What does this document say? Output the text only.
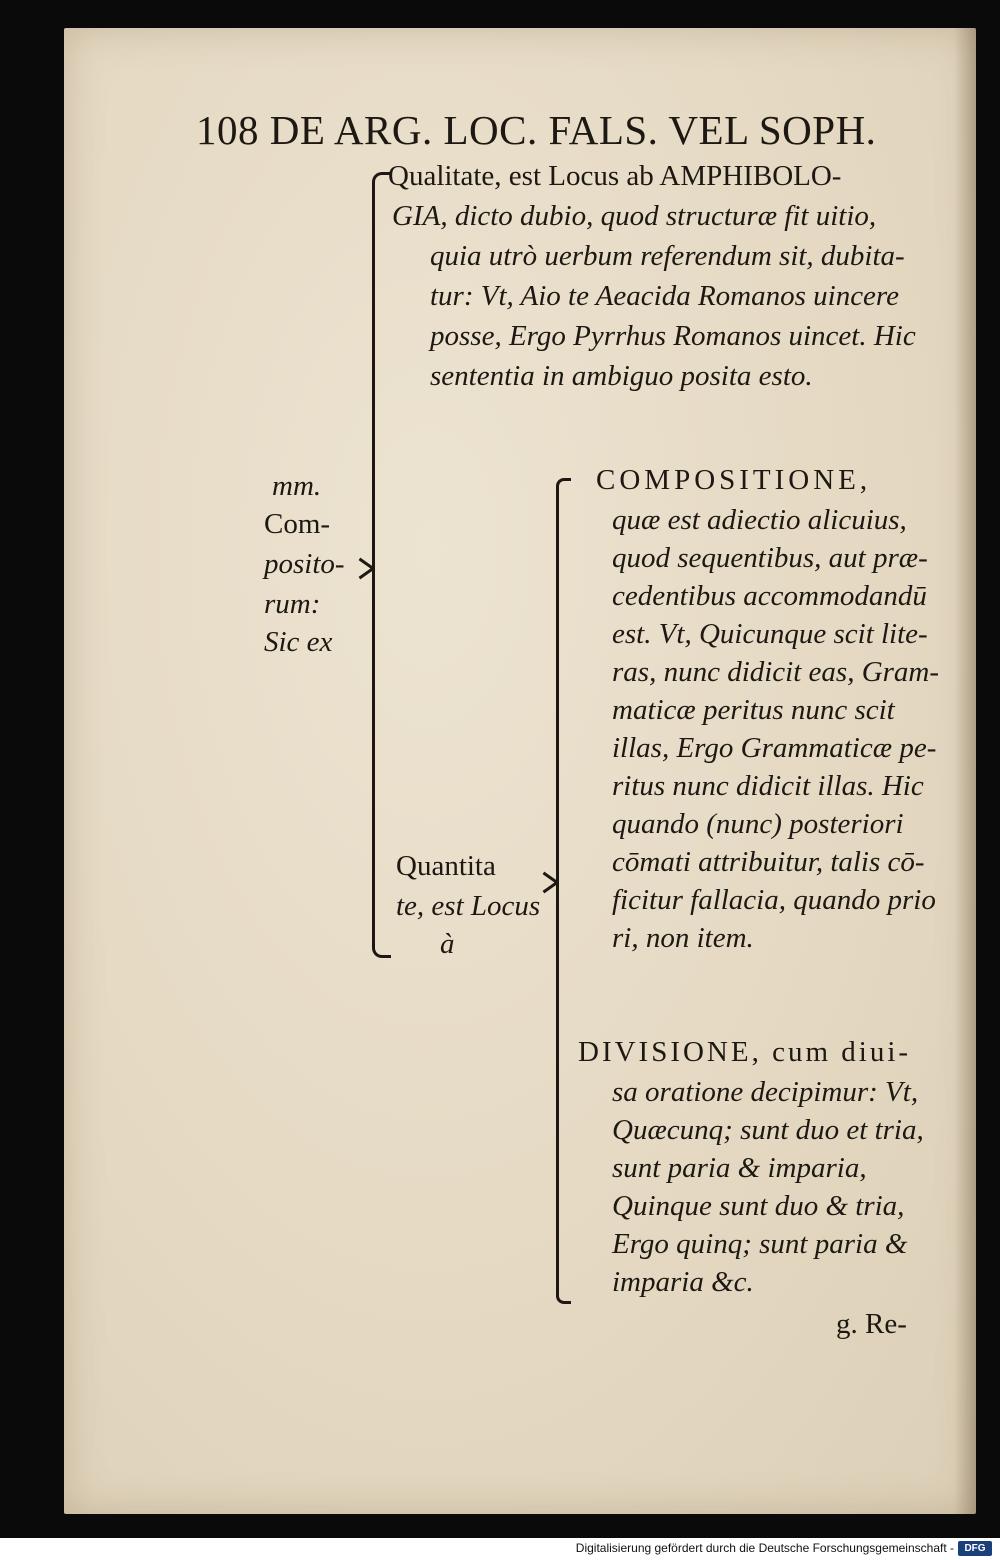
108 DE ARG. LOC. FALS. VEL SOPH.
Qualitate, est Locus ab AMPHIBOLO-
GIA, dicto dubio, quod structuræ fit uitio,
quia utrò uerbum referendum sit, dubita-
tur: Vt, Aio te Aeacida Romanos uincere
posse, Ergo Pyrrhus Romanos uincet. Hic
sententia in ambiguo posita esto.
mm.
Com-
posito-
rum:
Sic ex
Quantita
te, est Locus
à
COMPOSITIONE,
quæ est adiectio alicuius,
quod sequentibus, aut præ-
cedentibus accommodandū
est. Vt, Quicunque scit lite-
ras, nunc didicit eas, Gram-
maticæ peritus nunc scit
illas, Ergo Grammaticæ pe-
ritus nunc didicit illas. Hic
quando (nunc) posteriori
cōmati attribuitur, talis cō-
ficitur fallacia, quando prio
ri, non item.
DIVISIONE, cum diui-
sa oratione decipimur: Vt,
Quæcunq; sunt duo et tria,
sunt paria & imparia,
Quinque sunt duo & tria,
Ergo quinq; sunt paria &
imparia &c.
g. Re-
Digitalisierung gefördert durch die Deutsche Forschungsgemeinschaft -	DFG
